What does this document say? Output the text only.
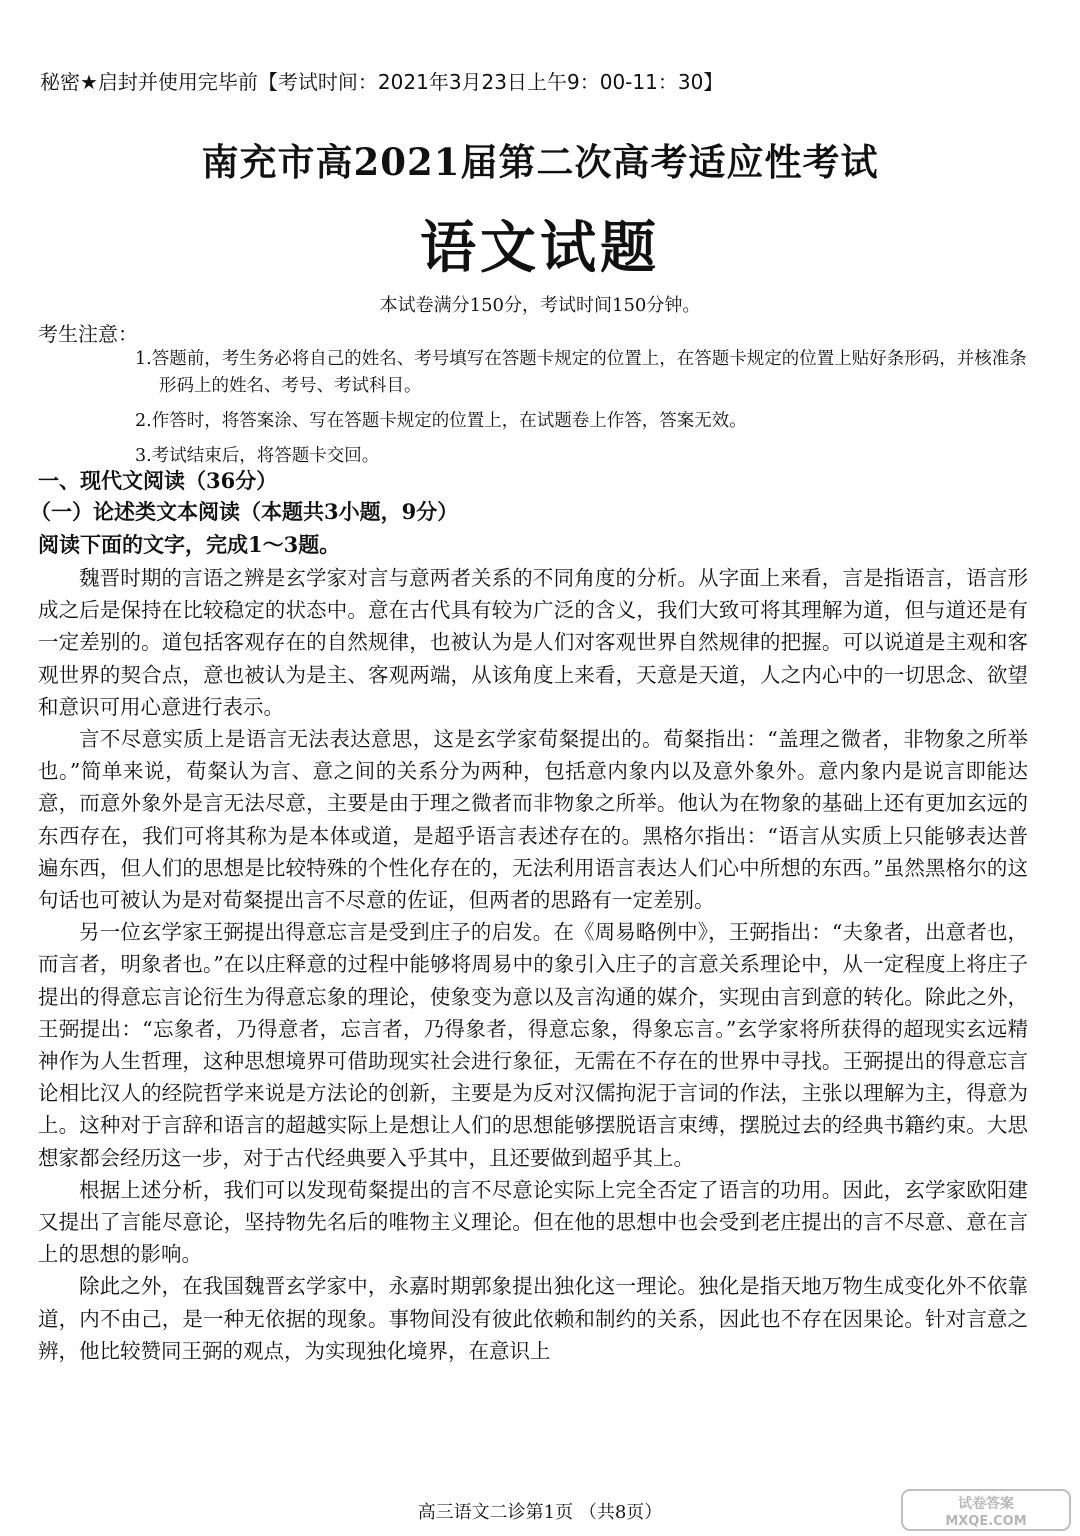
秘密★启封并使用完毕前【考试时间：2021年3月23日上午9：00-11：30】
南充市高2021届第二次高考适应性考试
语文试题
本试卷满分150分，考试时间150分钟。
考生注意：

1.答题前，考生务必将自己的姓名、考号填写在答题卡规定的位置上，在答题卡规定的位置上贴好条形码，并核准条形码上的姓名、考号、考试科目。

2.作答时，将答案涂、写在答题卡规定的位置上，在试题卷上作答，答案无效。

3.考试结束后，将答题卡交回。

一、现代文阅读（36分）
（一）论述类文本阅读（本题共3小题，9分）
阅读下面的文字，完成1～3题。

魏晋时期的言语之辨是玄学家对言与意两者关系的不同角度的分析。从字面上来看，言是指语言，语言形成之后是保持在比较稳定的状态中。意在古代具有较为广泛的含义，我们大致可将其理解为道，但与道还是有一定差别的。道包括客观存在的自然规律，也被认为是人们对客观世界自然规律的把握。可以说道是主观和客观世界的契合点，意也被认为是主、客观两端，从该角度上来看，天意是天道，人之内心中的一切思念、欲望和意识可用心意进行表示。

言不尽意实质上是语言无法表达意思，这是玄学家荀粲提出的。荀粲指出：“盖理之微者，非物象之所举也。”简单来说，荀粲认为言、意之间的关系分为两种，包括意内象内以及意外象外。意内象内是说言即能达意，而意外象外是言无法尽意，主要是由于理之微者而非物象之所举。他认为在物象的基础上还有更加玄远的东西存在，我们可将其称为是本体或道，是超乎语言表述存在的。黑格尔指出：“语言从实质上只能够表达普遍东西，但人们的思想是比较特殊的个性化存在的，无法利用语言表达人们心中所想的东西。”虽然黑格尔的这句话也可被认为是对荀粲提出言不尽意的佐证，但两者的思路有一定差别。

另一位玄学家王弼提出得意忘言是受到庄子的启发。在《周易略例中》，王弼指出：“夫象者，出意者也，而言者，明象者也。”在以庄释意的过程中能够将周易中的象引入庄子的言意关系理论中，从一定程度上将庄子提出的得意忘言论衍生为得意忘象的理论，使象变为意以及言沟通的媒介，实现由言到意的转化。除此之外，王弼提出：“忘象者，乃得意者，忘言者，乃得象者，得意忘象，得象忘言。”玄学家将所获得的超现实玄远精神作为人生哲理，这种思想境界可借助现实社会进行象征，无需在不存在的世界中寻找。王弼提出的得意忘言论相比汉人的经院哲学来说是方法论的创新，主要是为反对汉儒拘泥于言词的作法，主张以理解为主，得意为上。这种对于言辞和语言的超越实际上是想让人们的思想能够摆脱语言束缚，摆脱过去的经典书籍约束。大思想家都会经历这一步，对于古代经典要入乎其中，且还要做到超乎其上。

根据上述分析，我们可以发现荀粲提出的言不尽意论实际上完全否定了语言的功用。因此，玄学家欧阳建又提出了言能尽意论，坚持物先名后的唯物主义理论。但在他的思想中也会受到老庄提出的言不尽意、意在言上的思想的影响。

除此之外，在我国魏晋玄学家中，永嘉时期郭象提出独化这一理论。独化是指天地万物生成变化外不依靠道，内不由己，是一种无依据的现象。事物间没有彼此依赖和制约的关系，因此也不存在因果论。针对言意之辨，他比较赞同王弼的观点，为实现独化境界，在意识上

高三语文二诊第1页 （共8页）	试卷答案
MXQE.COM
